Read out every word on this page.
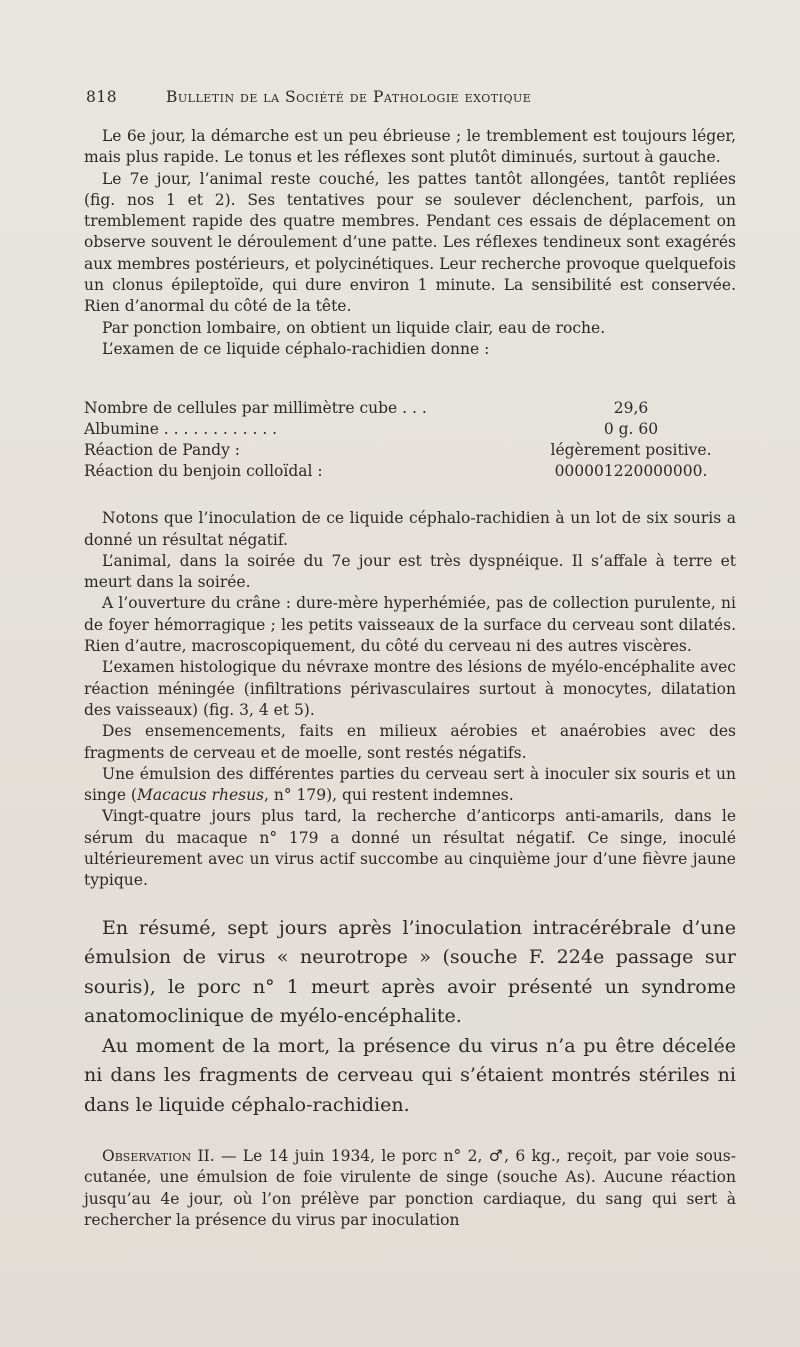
818	Bulletin de la Société de Pathologie exotique

Le 6e jour, la démarche est un peu ébrieuse ; le tremblement est toujours léger, mais plus rapide. Le tonus et les réflexes sont plutôt diminués, surtout à gauche.

Le 7e jour, l’animal reste couché, les pattes tantôt allongées, tantôt repliées (fig. nos 1 et 2). Ses tentatives pour se soulever déclenchent, parfois, un tremblement rapide des quatre membres. Pendant ces essais de déplacement on observe souvent le déroulement d’une patte. Les réflexes tendineux sont exagérés aux membres postérieurs, et polycinétiques. Leur recherche provoque quelquefois un clonus épileptoïde, qui dure environ 1 minute. La sensibilité est conservée. Rien d’anormal du côté de la tête.

Par ponction lombaire, on obtient un liquide clair, eau de roche.

L’examen de ce liquide céphalo-rachidien donne :

Nombre de cellules par millimètre cube . . .	29,6
Albumine . . . . . . . . . . . .	0 g. 60
Réaction de Pandy :	légèrement positive.
Réaction du benjoin colloïdal :	000001220000000.

Notons que l’inoculation de ce liquide céphalo-rachidien à un lot de six souris a donné un résultat négatif.

L’animal, dans la soirée du 7e jour est très dyspnéique. Il s’affale à terre et meurt dans la soirée.

A l’ouverture du crâne : dure-mère hyperhémiée, pas de collection purulente, ni de foyer hémorragique ; les petits vaisseaux de la surface du cerveau sont dilatés. Rien d’autre, macroscopiquement, du côté du cerveau ni des autres viscères.

L’examen histologique du névraxe montre des lésions de myélo-encéphalite avec réaction méningée (infiltrations périvasculaires surtout à monocytes, dilatation des vaisseaux) (fig. 3, 4 et 5).

Des ensemencements, faits en milieux aérobies et anaérobies avec des fragments de cerveau et de moelle, sont restés négatifs.

Une émulsion des différentes parties du cerveau sert à inoculer six souris et un singe (Macacus rhesus, n° 179), qui restent indemnes.

Vingt-quatre jours plus tard, la recherche d’anticorps anti-amarils, dans le sérum du macaque n° 179 a donné un résultat négatif. Ce singe, inoculé ultérieurement avec un virus actif succombe au cinquième jour d’une fièvre jaune typique.

En résumé, sept jours après l’inoculation intracérébrale d’une émulsion de virus « neurotrope » (souche F. 224e passage sur souris), le porc n° 1 meurt après avoir présenté un syndrome anatomoclinique de myélo-encéphalite.

Au moment de la mort, la présence du virus n’a pu être décelée ni dans les fragments de cerveau qui s’étaient montrés stériles ni dans le liquide céphalo-rachidien.

Observation II. — Le 14 juin 1934, le porc n° 2, ♂, 6 kg., reçoit, par voie sous-cutanée, une émulsion de foie virulente de singe (souche As). Aucune réaction jusqu’au 4e jour, où l’on prélève par ponction cardiaque, du sang qui sert à rechercher la présence du virus par inoculation
